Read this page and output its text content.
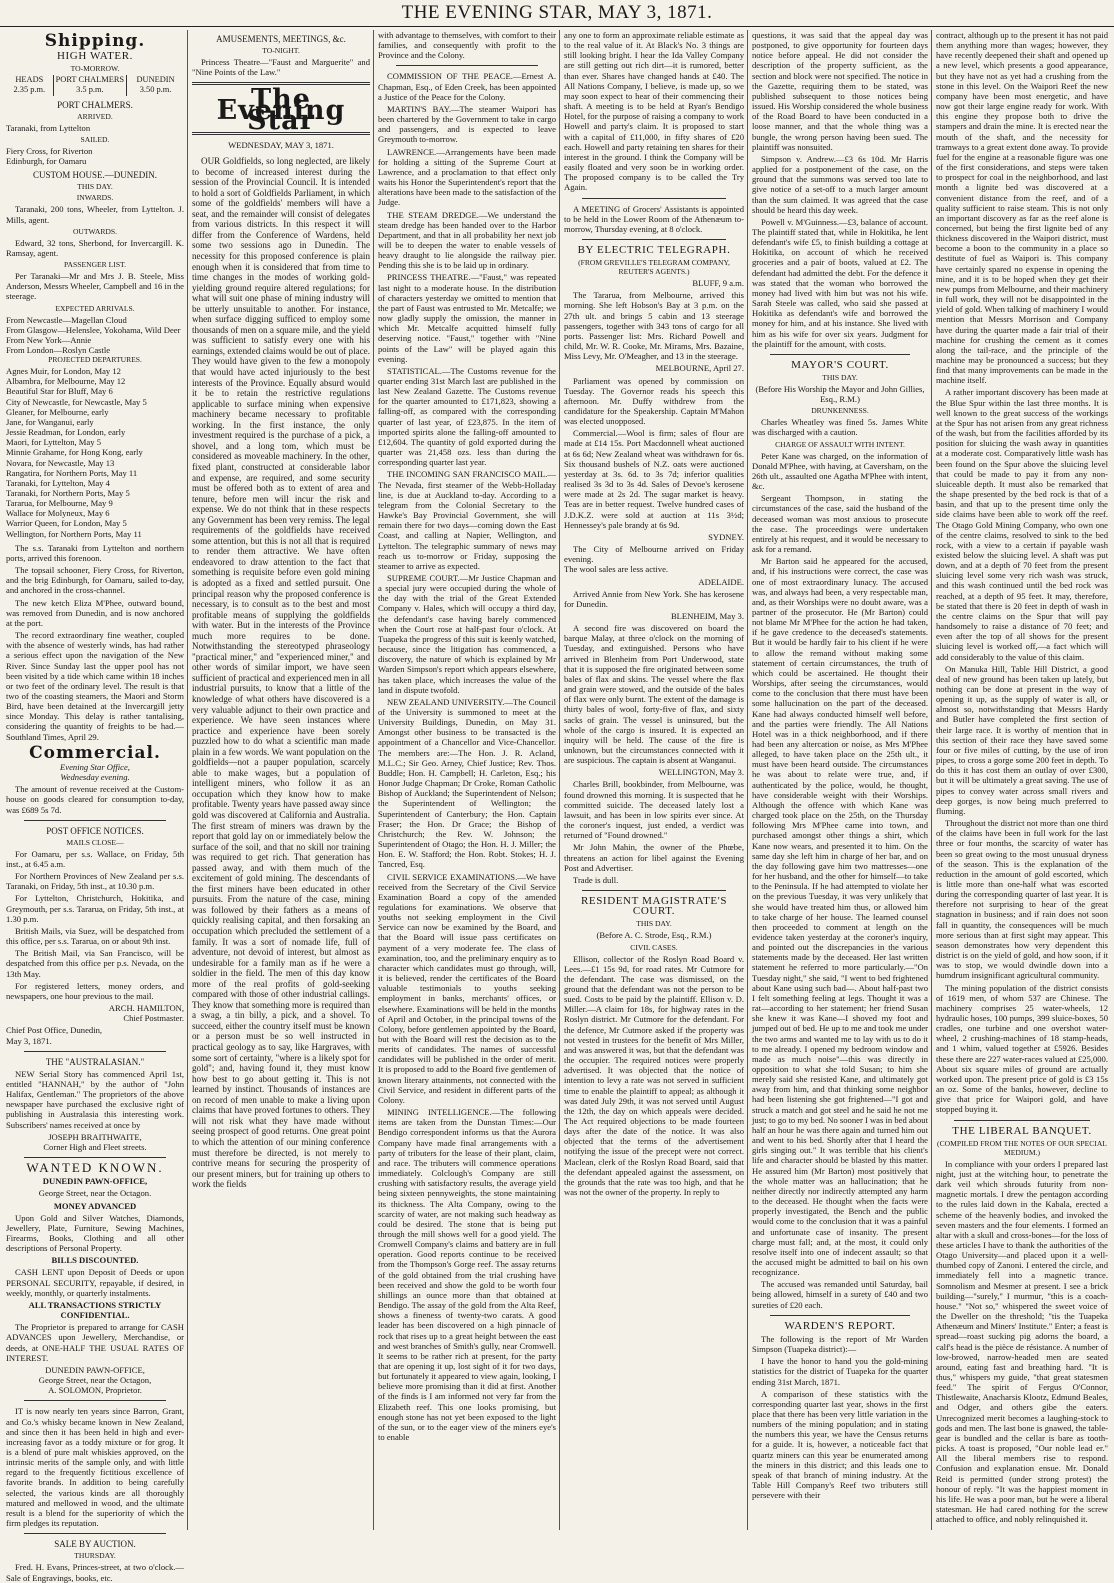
THE EVENING STAR, MAY 3, 1871.
Shipping.
HIGH WATER.

TO-MORROW.

HEADS 2.35 p.m.	PORT CHALMERS 3.5 p.m.	DUNEDIN 3.50 p.m.
PORT CHALMERS.

ARRIVED.

Taranaki, from Lyttelton

SAILED.

Fiery Cross, for Riverton
Edinburgh, for Oamaru

CUSTOM HOUSE.—DUNEDIN.

THIS DAY.

INWARDS.

Taranaki, 200 tons, Wheeler, from Lyttelton. J. Mills, agent.

OUTWARDS.

Edward, 32 tons, Sherbond, for Invercargill. K. Ramsay, agent.

PASSENGER LIST.

Per Taranaki—Mr and Mrs J. B. Steele, Miss Anderson, Messrs Wheeler, Campbell and 16 in the steerage.

EXPECTED ARRIVALS.

From Newcastle—Magellan Cloud

From Glasgow—Helenslee, Yokohama, Wild Deer

From New York—Annie

From London—Roslyn Castle

PROJECTED DEPARTURES.

Agnes Muir, for London, May 12

Albambra, for Melbourne, May 12

Beautiful Star for Bluff, May 6

City of Newcastle, for Newcastle, May 5

Gleaner, for Melbourne, early

Jane, for Wanganui, early

Jessie Readman, for London, early

Maori, for Lyttelton, May 5

Minnie Grahame, for Hong Kong, early

Novara, for Newcastle, May 13

Rangatira, for Northern Ports, May 11

Taranaki, for Lyttelton, May 4

Taranaki, for Northern Ports, May 5

Tararua, for Melbourne, May 9

Wallace for Molyneux, May 6

Warrior Queen, for London, May 5

Wellington, for Northern Ports, May 11

The s.s. Taranaki from Lyttelton and northern ports, arrived this forenoon.

The topsail schooner, Fiery Cross, for Riverton, and the brig Edinburgh, for Oamaru, sailed to-day, and anchored in the cross-channel.

The new ketch Eliza M'Phee, outward bound, was removed from Dunedin, and is now anchored at the port.

The record extraordinary fine weather, coupled with the absence of westerly winds, has had rather a serious effect upon the navigation of the New River. Since Sunday last the upper pool has not been visited by a tide which came within 18 inches or two feet of the ordinary level. The result is that two of the coasting steamers, the Maori and Storm Bird, have been detained at the Invercargill jetty since Monday. This delay is rather tantalising, considering the quantity of freights to be had.—Southland Times, April 29.

Commercial.

Evening Star Office,
Wednesday evening.

The amount of revenue received at the Custom-house on goods cleared for consumption to-day, was £689 5s 7d.

POST OFFICE NOTICES.

MAILS CLOSE—

For Oamaru, per s.s. Wallace, on Friday, 5th inst., at 6.45 a.m.

For Northern Provinces of New Zealand per s.s. Taranaki, on Friday, 5th inst., at 10.30 p.m.

For Lyttelton, Christchurch, Hokitika, and Greymouth, per s.s. Tararua, on Friday, 5th inst., at 1.30 p.m.

British Mails, via Suez, will be despatched from this office, per s.s. Tararua, on or about 9th inst.

The British Mail, via San Francisco, will be despatched from this office per p.s. Nevada, on the 13th May.

For registered letters, money orders, and newspapers, one hour previous to the mail.

ARCH. HAMILTON,
Chief Postmaster.

Chief Post Office, Dunedin,
May 3, 1871.

THE "AUSTRALASIAN."

NEW Serial Story has commenced April 1st, entitled "HANNAH," by the author of "John Halifax, Gentleman." The proprietors of the above newspaper have purchased the exclusive right of publishing in Australasia this interesting work. Subscribers' names received at once by

JOSEPH BRAITHWAITE,
Corner High and Fleet streets.

WANTED KNOWN.

DUNEDIN PAWN-OFFICE,

George Street, near the Octagon.

MONEY ADVANCED

Upon Gold and Silver Watches, Diamonds, Jewellery, Plate, Furniture, Sewing Machines, Firearms, Books, Clothing and all other descriptions of Personal Property.

BILLS DISCOUNTED.

CASH LENT upon Deposit of Deeds or upon PERSONAL SECURITY, repayable, if desired, in weekly, monthly, or quarterly instalments.

ALL TRANSACTIONS STRICTLY CONFIDENTIAL.

The Proprietor is prepared to arrange for CASH ADVANCES upon Jewellery, Merchandise, or deeds, at ONE-HALF THE USUAL RATES OF INTEREST.

DUNEDIN PAWN-OFFICE,
George Street, near the Octagon,
A. SOLOMON, Proprietor.

IT is now nearly ten years since Barron, Grant, and Co.'s whisky became known in New Zealand, and since then it has been held in high and ever-increasing favor as a toddy mixture or for grog. It is a blend of pure malt whiskies approved, on the intrinsic merits of the sample only, and with little regard to the frequently fictitious excellence of favorite brands. In addition to being carefully selected, the various kinds are all thoroughly matured and mellowed in wood, and the ultimate result is a blend for the superiority of which the firm pledges its reputation.

SALE BY AUCTION.

THURSDAY.

Fred. H. Evans, Princes-street, at two o'clock.—Sale of Engravings, books, etc.

AMUSEMENTS, MEETINGS, &c.

TO-NIGHT.

Princess Theatre—"Faust and Marguerite" and "Nine Points of the Law."

The Evening Star

WEDNESDAY, MAY 3, 1871.

OUR Goldfields, so long neglected, are likely to become of increased interest during the session of the Provincial Council. It is intended to hold a sort of Goldfields Parliament, in which some of the goldfields' members will have a seat, and the remainder will consist of delegates from various districts. In this respect it will differ from the Conference of Wardens, held some two sessions ago in Dunedin. The necessity for this proposed conference is plain enough when it is considered that from time to time changes in the modes of working gold-yielding ground require altered regulations; for what will suit one phase of mining industry will be utterly unsuitable to another. For instance, when surface digging sufficed to employ some thousands of men on a square mile, and the yield was sufficient to satisfy every one with his earnings, extended claims would be out of place. They would have given to the few a monopoly that would have acted injuriously to the best interests of the Province. Equally absurd would it be to retain the restrictive regulations applicable to surface mining when expensive machinery became necessary to profitable working. In the first instance, the only investment required is the purchase of a pick, a shovel, and a long tom, which must be considered as moveable machinery. In the other, fixed plant, constructed at considerable labor and expense, are required, and some security must be offered both as to extent of area and tenure, before men will incur the risk and expense. We do not think that in these respects any Government has been very remiss. The legal requirements of the goldfields have received some attention, but this is not all that is required to render them attractive. We have often endeavored to draw attention to the fact that something is requisite before even gold mining is adopted as a fixed and settled pursuit. One principal reason why the proposed conference is necessary, is to consult as to the best and most profitable means of supplying the goldfields with water. But in the interests of the Province much more requires to be done. Notwithstanding the stereotyped phraseology "practical miner," and "experienced miner," and other words of similar import, we have seen sufficient of practical and experienced men in all industrial pursuits, to know that a little of the knowledge of what others have discovered is a very valuable adjunct to their own practice and experience. We have seen instances where practice and experience have been sorely puzzled how to do what a scientific man made plain in a few words. We want population on the goldfields—not a pauper population, scarcely able to make wages, but a population of intelligent miners, who follow it as an occupation which they know how to make profitable. Twenty years have passed away since gold was discovered at California and Australia. The first stream of miners was drawn by the report that gold lay on or immediately below the surface of the soil, and that no skill nor training was required to get rich. That generation has passed away, and with them much of the excitement of gold mining. The descendants of the first miners have been educated in other pursuits. From the nature of the case, mining was followed by their fathers as a means of quickly realising capital, and then forsaking an occupation which precluded the settlement of a family. It was a sort of nomade life, full of adventure, not devoid of interest, but almost as undesirable for a family man as if he were a soldier in the field. The men of this day know more of the real profits of gold-seeking compared with those of other industrial callings. They know that something more is required than a swag, a tin billy, a pick, and a shovel. To succeed, either the country itself must be known or a person must be so well instructed in practical geology as to say, like Hargraves, with some sort of certainty, "where is a likely spot for gold"; and, having found it, they must know how best to go about getting it. This is not learned by instinct. Thousands of instances are on record of men unable to make a living upon claims that have proved fortunes to others. They will not risk what they have made without seeing prospect of good returns. One great point to which the attention of our mining conference must therefore be directed, is not merely to contrive means for securing the prosperity of our present miners, but for training up others to work the fields

with advantage to themselves, with comfort to their families, and consequently with profit to the Province and the Colony.

COMMISSION OF THE PEACE.—Ernest A. Chapman, Esq., of Eden Creek, has been appointed a Justice of the Peace for the Colony.

MARTIN'S BAY.—The steamer Waipori has been chartered by the Government to take in cargo and passengers, and is expected to leave Greymouth to-morrow.

LAWRENCE.—Arrangements have been made for holding a sitting of the Supreme Court at Lawrence, and a proclamation to that effect only waits his Honor the Superintendent's report that the alterations have been made to the satisfaction of the Judge.

THE STEAM DREDGE.—We understand the steam dredge has been handed over to the Harbor Department, and that in all probability her next job will be to deepen the water to enable vessels of heavy draught to lie alongside the railway pier. Pending this she is to be laid up in ordinary.

PRINCESS THEATRE.—"Faust," was repeated last night to a moderate house. In the distribution of characters yesterday we omitted to mention that the part of Faust was entrusted to Mr. Metcalfe; we now gladly supply the omission, the manner in which Mr. Metcalfe acquitted himself fully deserving notice. "Faust," together with "Nine points of the Law" will be played again this evening.

STATISTICAL.—The Customs revenue for the quarter ending 31st March last are published in the last New Zealand Gazette. The Customs revenue for the quarter amounted to £171,823, showing a falling-off, as compared with the corresponding quarter of last year, of £23,875. In the item of imported spirits alone the falling-off amounted to £12,604. The quantity of gold exported during the quarter was 21,458 ozs. less than during the corresponding quarter last year.

THE INCOMING SAN FRANCISCO MAIL.—The Nevada, first steamer of the Webb-Holladay line, is due at Auckland to-day. According to a telegram from the Colonial Secretary to the Hawke's Bay Provincial Government, she will remain there for two days—coming down the East Coast, and calling at Napier, Wellington, and Lyttelton. The telegraphic summary of news may reach us to-morrow or Friday, supposing the steamer to arrive as expected.

SUPREME COURT.—Mr Justice Chapman and a special jury were occupied during the whole of the day with the trial of the Great Extended Company v. Hales, which will occupy a third day, the defendant's case having barely commenced when the Court rose at half-past four o'clock. At Tuapeka the progress of this suit is keenly watched, because, since the litigation has commenced, a discovery, the nature of which is explained by Mr Warden Simpson's report which appears elsewhere, has taken place, which increases the value of the land in dispute twofold.

NEW ZEALAND UNIVERSITY.—The Council of the University is summoned to meet at the University Buildings, Dunedin, on May 31. Amongst other business to be transacted is the appointment of a Chancellor and Vice-Chancellor. The members are:—The Hon. J. R. Acland, M.L.C.; Sir Geo. Arney, Chief Justice; Rev. Thos. Buddle; Hon. H. Campbell; H. Carleton, Esq.; his Honor Judge Chapman; Dr Croke, Roman Catholic Bishop of Auckland; the Superintendent of Nelson; the Superintendent of Wellington; the Superintendent of Canterbury; the Hon. Captain Fraser; the Hon. Dr Grace; the Bishop of Christchurch; the Rev. W. Johnson; the Superintendent of Otago; the Hon. H. J. Miller; the Hon. E. W. Stafford; the Hon. Robt. Stokes; H. J. Tancred, Esq.

CIVIL SERVICE EXAMINATIONS.—We have received from the Secretary of the Civil Service Examination Board a copy of the amended regulations for examinations. We observe that youths not seeking employment in the Civil Service can now be examined by the Board, and that the Board will issue pass certificates on payment of a very moderate fee. The class of examination, too, and the preliminary enquiry as to character which candidates must go through, will, it is believed, render the certificates of the Board valuable testimonials to youths seeking employment in banks, merchants' offices, or elsewhere. Examinations will be held in the months of April and October, in the principal towns of the Colony, before gentlemen appointed by the Board, but with the Board will rest the decision as to the merits of candidates. The names of successful candidates will be published in the order of merit. It is proposed to add to the Board five gentlemen of known literary attainments, not connected with the Civil Service, and resident in different parts of the Colony.

MINING INTELLIGENCE.—The following items are taken from the Dunstan Times:—Our Bendigo correspondent informs us that the Aurora Company have made final arrangements with a party of tributers for the lease of their plant, claim, and race. The tributers will commence operations immediately. Colclough's Company are still crushing with satisfactory results, the average yield being sixteen pennyweights, the stone maintaining its thickness. The Alta Company, owing to the scarcity of water, are not making such headway as could be desired. The stone that is being put through the mill shows well for a good yield. The Cromwell Company's claims and battery are in full operation. Good reports continue to be received from the Thompson's Gorge reef. The assay returns of the gold obtained from the trial crushing have been received and show the gold to be worth four shillings an ounce more than that obtained at Bendigo. The assay of the gold from the Alta Reef, shows a fineness of twenty-two carats. A good leader has been discovered on a high pinnacle of rock that rises up to a great height between the east and west branches of Smith's gully, near Cromwell. It seems to be rather rich at present, for the party that are opening it up, lost sight of it for two days, but fortunately it appeared to view again, looking, I believe more promising than it did at first. Another of the finds is I am informed not very far from the Elizabeth reef. This one looks promising, but enough stone has not yet been exposed to the light of the sun, or to the eager view of the miners eye's to enable

any one to form an approximate reliable estimate as to the real value of it. At Black's No. 3 things are still looking bright. I hear the Ida Valley Company are still getting out rich dirt—it is rumored, better than ever. Shares have changed hands at £40. The All Nations Company, I believe, is made up, so we may soon expect to hear of their commencing their shaft. A meeting is to be held at Ryan's Bendigo Hotel, for the purpose of raising a company to work Howell and party's claim. It is proposed to start with a capital of £11,000, in fifty shares of £20 each. Howell and party retaining ten shares for their interest in the ground. I think the Company will be easily floated and very soon be in working order. The proposed company is to be called the Try Again.

A MEETING of Grocers' Assistants is appointed to be held in the Lower Room of the Athenæum to-morrow, Thursday evening, at 8 o'clock.

BY ELECTRIC TELEGRAPH.

(FROM GREVILLE'S TELEGRAM COMPANY, REUTER'S AGENTS.)

BLUFF, 9 a.m.

The Tararua, from Melbourne, arrived this morning. She left Hobson's Bay at 3 p.m. on the 27th ult. and brings 5 cabin and 13 steerage passengers, together with 343 tons of cargo for all ports. Passenger list: Mrs. Richard Powell and child, Mr. W. R. Cooke, Mr. Mirams, Mrs. Bazaine, Miss Levy, Mr. O'Meagher, and 13 in the steerage.

MELBOURNE, April 27.

Parliament was opened by commission on Tuesday. The Governor reads his speech this afternoon. Mr. Duffy withdrew from the candidature for the Speakership. Captain M'Mahon was elected unopposed.

Commercial.—Wool is firm; sales of flour are made at £14 15s. Port Macdonnell wheat auctioned at 6s 6d; New Zealand wheat was withdrawn for 6s. Six thousand bushels of N.Z. oats were auctioned yesterday at 3s. 6d. to 3s 7d; inferior qualities realised 3s 3d to 3s 4d. Sales of Devoe's kerosene were made at 2s 2d. The sugar market is heavy. Teas are in better request. Twelve hundred cases of J.D.K.Z. were sold at auction at 11s 3½d; Hennessey's pale brandy at 6s 9d.

SYDNEY.

The City of Melbourne arrived on Friday evening.
The wool sales are less active.

ADELAIDE.

Arrived Annie from New York. She has kerosene for Dunedin.

BLENHEIM, May 3.

A second fire was discovered on board the barque Malay, at three o'clock on the morning of Tuesday, and extinguished. Persons who have arrived in Blenheim from Port Underwood, state that it is supposed the fire originated between some bales of flax and skins. The vessel where the flax and grain were stowed, and the outside of the bales of flax were only burnt. The extent of the damage is thirty bales of wool, forty-five of flax, and sixty sacks of grain. The vessel is uninsured, but the whole of the cargo is insured. It is expected an inquiry will be held. The cause of the fire is unknown, but the circumstances connected with it are suspicious. The captain is absent at Wanganui.

WELLINGTON, May 3.

Charles Brill, bookbinder, from Melbourne, was found drowned this morning. It is suspected that he committed suicide. The deceased lately lost a lawsuit, and has been in low spirits ever since. At the coroner's inquest, just ended, a verdict was returned of "Found drowned."

Mr John Mahin, the owner of the Phœbe, threatens an action for libel against the Evening Post and Advertiser.

Trade is dull.

RESIDENT MAGISTRATE'S COURT.

THIS DAY.

(Before A. C. Strode, Esq., R.M.)

CIVIL CASES.

Ellison, collector of the Roslyn Road Board v. Lees.—£1 15s 9d, for road rates. Mr Cutmore for the defendant. The case was dismissed, on the ground that the defendant was not the person to be sued. Costs to be paid by the plaintiff. Ellison v. D. Miller.—A claim for 18s, for highway rates in the Roslyn district. Mr Cutmore for the defendant. For the defence, Mr Cutmore asked if the property was not vested in trustees for the benefit of Mrs Miller, and was answered it was, but that the defendant was the occupier. The required notices were properly advertised. It was objected that the notice of intention to levy a rate was not served in sufficient time to enable the plaintiff to appeal; as although it was dated July 29th, it was not served until August the 12th, the day on which appeals were decided. The Act required objections to be made fourteen days after the date of the notice. It was also objected that the terms of the advertisement notifying the issue of the precept were not correct. Maclean, clerk of the Roslyn Road Board, said that the defendant appealed against the assessment, on the grounds that the rate was too high, and that he was not the owner of the property. In reply to

questions, it was said that the appeal day was postponed, to give opportunity for fourteen days notice before appeal. He did not consider the description of the property sufficient, as the section and block were not specified. The notice in the Gazette, requiring them to be stated, was published subsequent to those notices being issued. His Worship considered the whole business of the Road Board to have been conducted in a loose manner, and that the whole thing was a bungle, the wrong person having been sued. The plaintiff was nonsuited.

Simpson v. Andrew.—£3 6s 10d. Mr Harris applied for a postponement of the case, on the ground that the summons was served too late to give notice of a set-off to a much larger amount than the sum claimed. It was agreed that the case should be heard this day week.

Powell v. M'Guinness.—£3, balance of account. The plaintiff stated that, while in Hokitika, he lent defendant's wife £5, to finish building a cottage at Hokitika, on account of which he received groceries and a pair of boots, valued at £2. The defendant had admitted the debt. For the defence it was stated that the woman who borrowed the money had lived with him but was not his wife. Sarah Steele was called, who said she passed at Hokitika as defendant's wife and borrowed the money for him, and at his instance. She lived with him as his wife for over six years. Judgment for the plaintiff for the amount, with costs.

MAYOR'S COURT.

THIS DAY.

(Before His Worship the Mayor and John Gillies, Esq., R.M.)

DRUNKENNESS.

Charles Wheatley was fined 5s. James White was discharged with a caution.

CHARGE OF ASSAULT WITH INTENT.

Peter Kane was charged, on the information of Donald M'Phee, with having, at Caversham, on the 26th ult., assaulted one Agatha M'Phee with intent, &c.

Sergeant Thompson, in stating the circumstances of the case, said the husband of the deceased woman was most anxious to prosecute the case. The proceedings were undertaken entirely at his request, and it would be necessary to ask for a remand.

Mr Barton said he appeared for the accused, and, if his instructions were correct, the case was one of most extraordinary lunacy. The accused was, and always had been, a very respectable man, and, as their Worships were no doubt aware, was a partner of the prosecutor. He (Mr Barton) could not blame Mr M'Phee for the action he had taken, if he gave credence to the deceased's statements. But it would be hardly fair to his client if he were to allow the remand without making some statement of certain circumstances, the truth of which could be ascertained. He thought their Worships, after seeing the circumstances, would come to the conclusion that there must have been some hallucination on the part of the deceased. Kane had always conducted himself well before, and the parties were friendly. The All Nations Hotel was in a thick neighborhood, and if there had been any altercation or noise, as Mrs M'Phee alleged, to have taken place on the 25th ult., it must have been heard outside. The circumstances he was about to relate were true, and, if authenticated by the police, would, he thought, have considerable weight with their Worships. Although the offence with which Kane was charged took place on the 25th, on the Thursday following Mrs M'Phee came into town, and purchased amongst other things a shirt, which Kane now wears, and presented it to him. On the same day she left him in charge of her bar, and on the day following gave him two mattresses—one for her husband, and the other for himself—to take to the Peninsula. If he had attempted to violate her on the previous Tuesday, it was very unlikely that she would have treated him thus, or allowed him to take charge of her house. The learned counsel then proceeded to comment at length on the evidence taken yesterday at the coroner's inquiry, and pointed out the discrepancies in the various statements made by the deceased. Her last written statement he referred to more particularly.—"On Tuesday night," she said, "I went to bed frightened about Kane using such bad—. About half-past two I felt something feeling at legs. Thought it was a rat—according to her statement; her friend Susan she knew it was Kane—I shoved my foot and jumped out of bed. He up to me and took me under the two arms and wanted me to lay with us to do it to me already. I opened my bedroom window and made as much noise"—this was directly in opposition to what she told Susan; to him she merely said she resisted Kane, and ultimately got away from him, and that thinking some neighbor had been listening she got frightened—"I got and struck a match and got steel and he said he not me just; to go to my bed. No sooner I was in bed about half an hour he was there again and turned him out and went to his bed. Shortly after that I heard the girls singing out." It was terrible that his client's life and character should be blasted by this matter. He assured him (Mr Barton) most positively that the whole matter was an hallucination; that he neither directly nor indirectly attempted any harm to the deceased. He thought when the facts were properly investigated, the Bench and the public would come to the conclusion that it was a painful and unfortunate case of insanity. The present charge must fall; and, at the most, it could only resolve itself into one of indecent assault; so that the accused might be admitted to bail on his own recognizance.

The accused was remanded until Saturday, bail being allowed, himself in a surety of £40 and two sureties of £20 each.

WARDEN'S REPORT.

The following is the report of Mr Warden Simpson (Tuapeka district):—

I have the honor to hand you the gold-mining statistics for the district of Tuapeka for the quarter ending 31st March, 1871.

A comparison of these statistics with the corresponding quarter last year, shows in the first place that there has been very little variation in the numbers of the mining population; and in stating the numbers this year, we have the Census returns for a guide. It is, however, a noticeable fact that quartz miners can this year be enumerated among the miners in this district; and this leads one to speak of that branch of mining industry. At the Table Hill Company's Reef two tributers still persevere with their

contract, although up to the present it has not paid them anything more than wages; however, they have recently deepened their shaft and opened up a new level, which presents a good appearance, but they have not as yet had a crushing from the stone in this level. On the Waipori Reef the new company have been most energetic, and have now got their large engine ready for work. With this engine they propose both to drive the stampers and drain the mine. It is erected near the mouth of the shaft, and the necessity for tramways to a great extent done away. To provide fuel for the engine at a reasonable figure was one of the first considerations, and steps were taken to prospect for coal in the neighborhood, and last month a lignite bed was discovered at a convenient distance from the reef, and of a quality sufficient to raise steam. This is not only an important discovery as far as the reef alone is concerned, but being the first lignite bed of any thickness discovered in the Waipori district, must become a boon to the community in a place so destitute of fuel as Waipori is. This company have certainly spared no expense in opening the mine, and it is to be hoped when they get their new pumps from Melbourne, and their machinery in full work, they will not be disappointed in the yield of gold. When talking of machinery I would mention that Messrs Morrison and Company have during the quarter made a fair trial of their machine for crushing the cement as it comes along the tail-race, and the principle of the machine may be pronounced a success; but they find that many improvements can be made in the machine itself.

A rather important discovery has been made at the Blue Spur within the last three months. It is well known to the great success of the workings at the Spur has not arisen from any great richness of the wash, but from the facilities afforded by its position for sluicing the wash away in quantities at a moderate cost. Comparatively little wash has been found on the Spur above the sluicing level that could be made to pay it from any non-sluiceable depth. It must also be remarked that the shape presented by the bed rock is that of a basin, and that up to the present time only the side claims have been able to work off the reef. The Otago Gold Mining Company, who own one of the centre claims, resolved to sink to the bed rock, with a view to a certain if payable wash existed below the sluicing level. A shaft was put down, and at a depth of 70 feet from the present sluicing level some very rich wash was struck, and this wash continued until the bed rock was reached, at a depth of 95 feet. It may, therefore, be stated that there is 20 feet in depth of wash in the centre claims on the Spur that will pay handsomely to raise a distance of 70 feet; and even after the top of all shows for the present sluicing level is worked off,—a fact which will add considerably to the value of this claim.

On Manuka Hill, Table Hill District, a good deal of new ground has been taken up lately, but nothing can be done at present in the way of opening it up, as the supply of water is all, or almost so, notwithstanding that Messrs Hardy and Butler have completed the first section of their large race. It is worthy of mention that in this section of their race they have saved some four or five miles of cutting, by the use of iron pipes, to cross a gorge some 200 feet in depth. To do this it has cost them an outlay of over £300, but it will be ultimately a great saving. The use of pipes to convey water across small rivers and deep gorges, is now being much preferred to fluming.

Throughout the district not more than one third of the claims have been in full work for the last three or four months, the scarcity of water has been so great owing to the most unusual dryness of the season. This is the explanation of the reduction in the amount of gold escorted, which is little more than one-half what was escorted during the corresponding quarter of last year. It is therefore not surprising to hear of the great stagnation in business; and if rain does not soon fall in quantity, the consequences will be much more serious than at first sight may appear. This season demonstrates how very dependent this district is on the yield of gold, and how soon, if it was to stop, we would dwindle down into a humdrum insignificant agricultural community.

The mining population of the district consists of 1619 men, of whom 537 are Chinese. The machinery comprises 25 water-wheels, 12 hydraulic hoses, 100 pumps, 399 sluice-boxes, 50 cradles, one turbine and one overshot water-wheel, 2 crushing-machines of 18 stamp-heads, and 1 whim, valued together at £5926. Besides these there are 227 water-races valued at £25,000. About six square miles of ground are actually worked upon. The present price of gold is £3 15s an oz. Some of the banks, however, decline to give that price for Waipori gold, and have stopped buying it.

THE LIBERAL BANQUET.

(COMPILED FROM THE NOTES OF OUR SPECIAL MEDIUM.)

In compliance with your orders I prepared last night, just at the witching hour, to penetrate the dark veil which shrouds futurity from non-magnetic mortals. I drew the pentagon according to the rules laid down in the Kabala, erected a scheme of the heavenly bodies, and invoked the seven masters and the four elements. I formed an altar with a skull and cross-bones—for the loss of these articles I have to thank the authorities of the Otago University—and placed upon it a well-thumbed copy of Zanoni. I entered the circle, and immediately fell into a magnetic trance. Somnolism and Mesmer at present. I see a brick building—"surely," I murmur, "this is a coach-house." "Not so," whispered the sweet voice of the Dweller on the threshold; "tis the Tuapeka Athenæum and Miners' Institute." Enter; a feast is spread—roast sucking pig adorns the board, a calf's head is the pièce de résistance. A number of low-browed, narrow-headed men are seated around, eating fast and breathing hard. "It is thus," whispers my guide, "that great statesmen feed." The spirit of Fergus O'Connor, Thistlewaite, Anacharsis Klootz, Edmund Beales, and Odger, and others gibe the eaters. Unrecognized merit becomes a laughing-stock to gods and men. The last bone is gnawed, the table-gear is bundled and the cellar is bare as tooth-picks. A toast is proposed, "Our noble lead er." All the liberal members rise to respond. Confusion and explanation ensue. Mr. Donald Reid is permitted (under strong protest) the honour of reply. "It was the happiest moment in his life. He was a poor man, but he were a liberal statesman. He had cared nothing for the screw attached to office, and nobly relinquished it.
